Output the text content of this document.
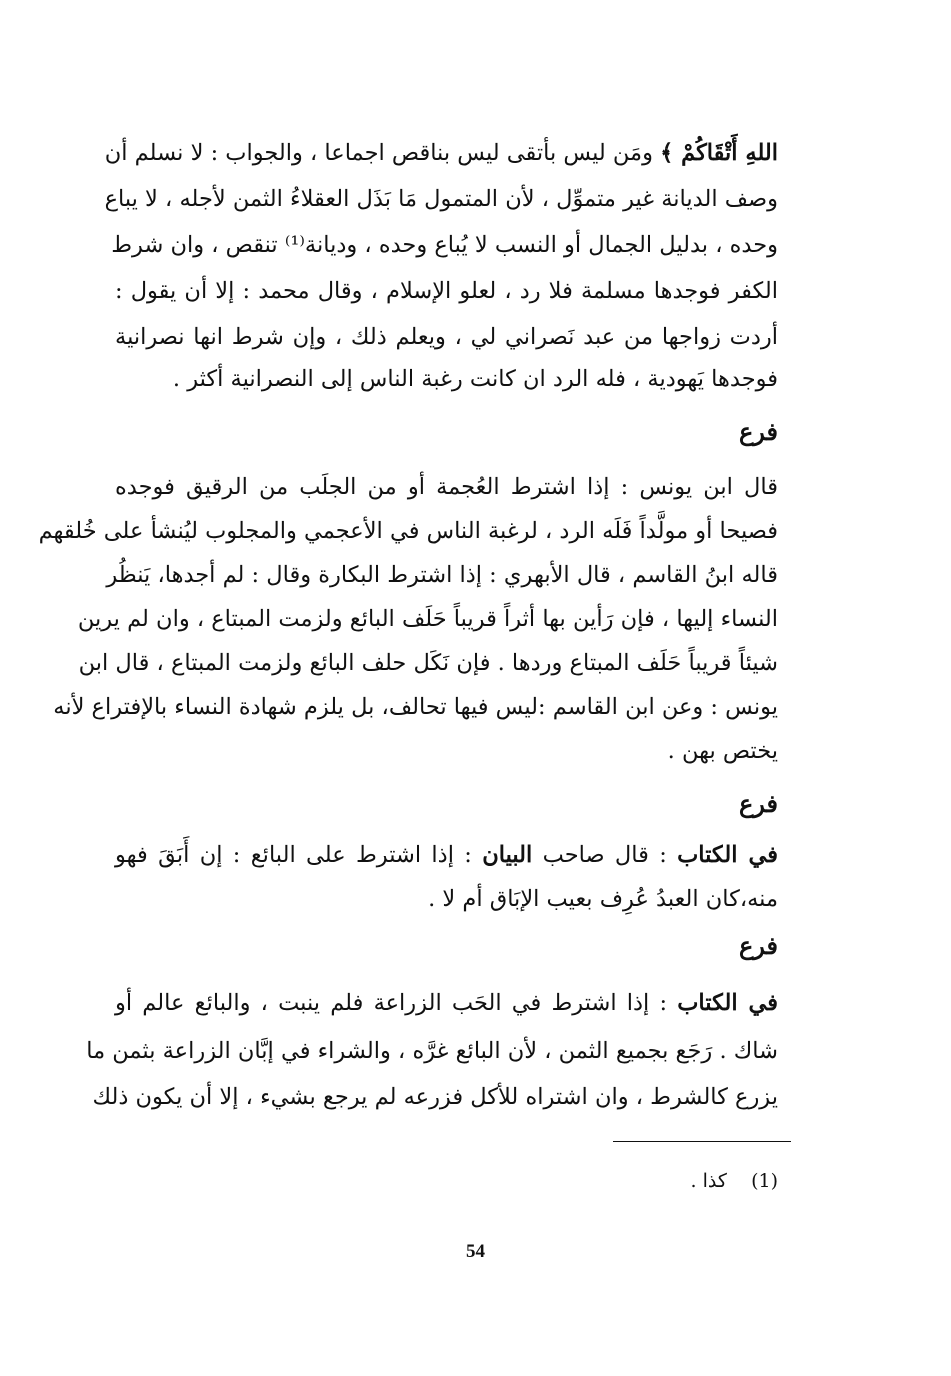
اللهِ أَتْقَاكُمْ ﴾ ومَن ليس بأتقى ليس بناقص اجماعا ، والجواب : لا نسلم أن
وصف الديانة غير متموِّل ، لأن المتمول مَا بَذَل العقلاءُ الثمن لأجله ، لا يباع
وحده ، بدليل الجمال أو النسب لا يُباع وحده ، وديانة⁽¹⁾ تنقص ، وان شرط
الكفر فوجدها مسلمة فلا رد ، لعلو الإسلام ، وقال محمد : إلا أن يقول :
أردت زواجها من عبد نَصراني لي ، ويعلم ذلك ، وإن شرط انها نصرانية
فوجدها يَهودية ، فله الرد ان كانت رغبة الناس إلى النصرانية أكثر .
فرع
قال ابن يونس : إذا اشترط العُجمة أو من الجلَب من الرقيق فوجده
فصيحا أو مولَّداً فَلَه الرد ، لرغبة الناس في الأعجمي والمجلوب ليُنشأ على خُلقهم
قاله ابنُ القاسم ، قال الأبهري : إذا اشترط البكارة وقال : لم أجدها، يَنظُر
النساء إليها ، فإن رَأين بها أثراً قريباً حَلَف البائع ولزمت المبتاع ، وان لم يرين
شيئاً قريباً حَلَف المبتاع وردها . فإن نَكَل حلف البائع ولزمت المبتاع ، قال ابن
يونس : وعن ابن القاسم :ليس فيها تحالف، بل يلزم شهادة النساء بالإفتراع لأنه
يختص بهن .
فرع
في الكتاب : قال صاحب البيان : إذا اشترط على البائع : إن أَبَقَ فهو
منه،كان العبدُ عُرِف بعيب الإبَاق أم لا .
فرع
في الكتاب : إذا اشترط في الحَب الزراعة فلم ينبت ، والبائع عالم أو
شاك . رَجَع بجميع الثمن ، لأن البائع غرَّه ، والشراء في إبَّان الزراعة بثمن ما
يزرع كالشرط ، وان اشتراه للأكل فزرعه لم يرجع بشيء ، إلا أن يكون ذلك
(1)    كذا .
54
